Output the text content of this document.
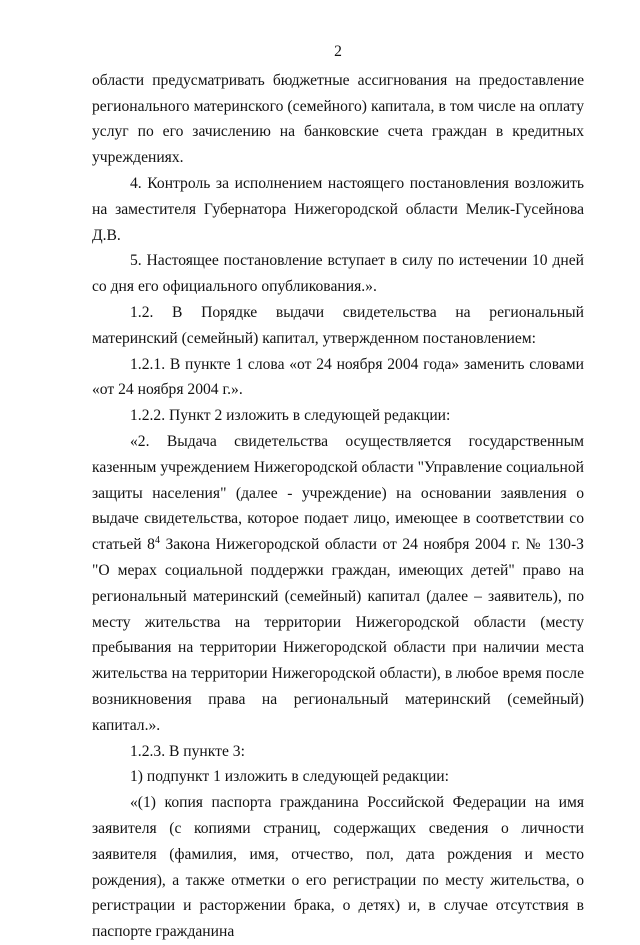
2

области предусматривать бюджетные ассигнования на предоставление регионального материнского (семейного) капитала, в том числе на оплату услуг по его зачислению на банковские счета граждан в кредитных учреждениях.

4. Контроль за исполнением настоящего постановления возложить на заместителя Губернатора Нижегородской области Мелик-Гусейнова Д.В.

5. Настоящее постановление вступает в силу по истечении 10 дней со дня его официального опубликования.».

1.2. В Порядке выдачи свидетельства на региональный материнский (семейный) капитал, утвержденном постановлением:

1.2.1. В пункте 1 слова «от 24 ноября 2004 года» заменить словами «от 24 ноября 2004 г.».

1.2.2. Пункт 2 изложить в следующей редакции:

«2. Выдача свидетельства осуществляется государственным казенным учреждением Нижегородской области "Управление социальной защиты населения" (далее - учреждение) на основании заявления о выдаче свидетельства, которое подает лицо, имеющее в соответствии со статьей $8^4$ Закона Нижегородской области от 24 ноября 2004 г. № 130-З "О мерах социальной поддержки граждан, имеющих детей" право на региональный материнский (семейный) капитал (далее – заявитель), по месту жительства на территории Нижегородской области (месту пребывания на территории Нижегородской области при наличии места жительства на территории Нижегородской области), в любое время после возникновения права на региональный материнский (семейный) капитал.».

1.2.3. В пункте 3:

1) подпункт 1 изложить в следующей редакции:

«(1) копия паспорта гражданина Российской Федерации на имя заявителя (с копиями страниц, содержащих сведения о личности заявителя (фамилия, имя, отчество, пол, дата рождения и место рождения), а также отметки о его регистрации по месту жительства, о регистрации и расторжении брака, о детях) и, в случае отсутствия в паспорте гражданина
